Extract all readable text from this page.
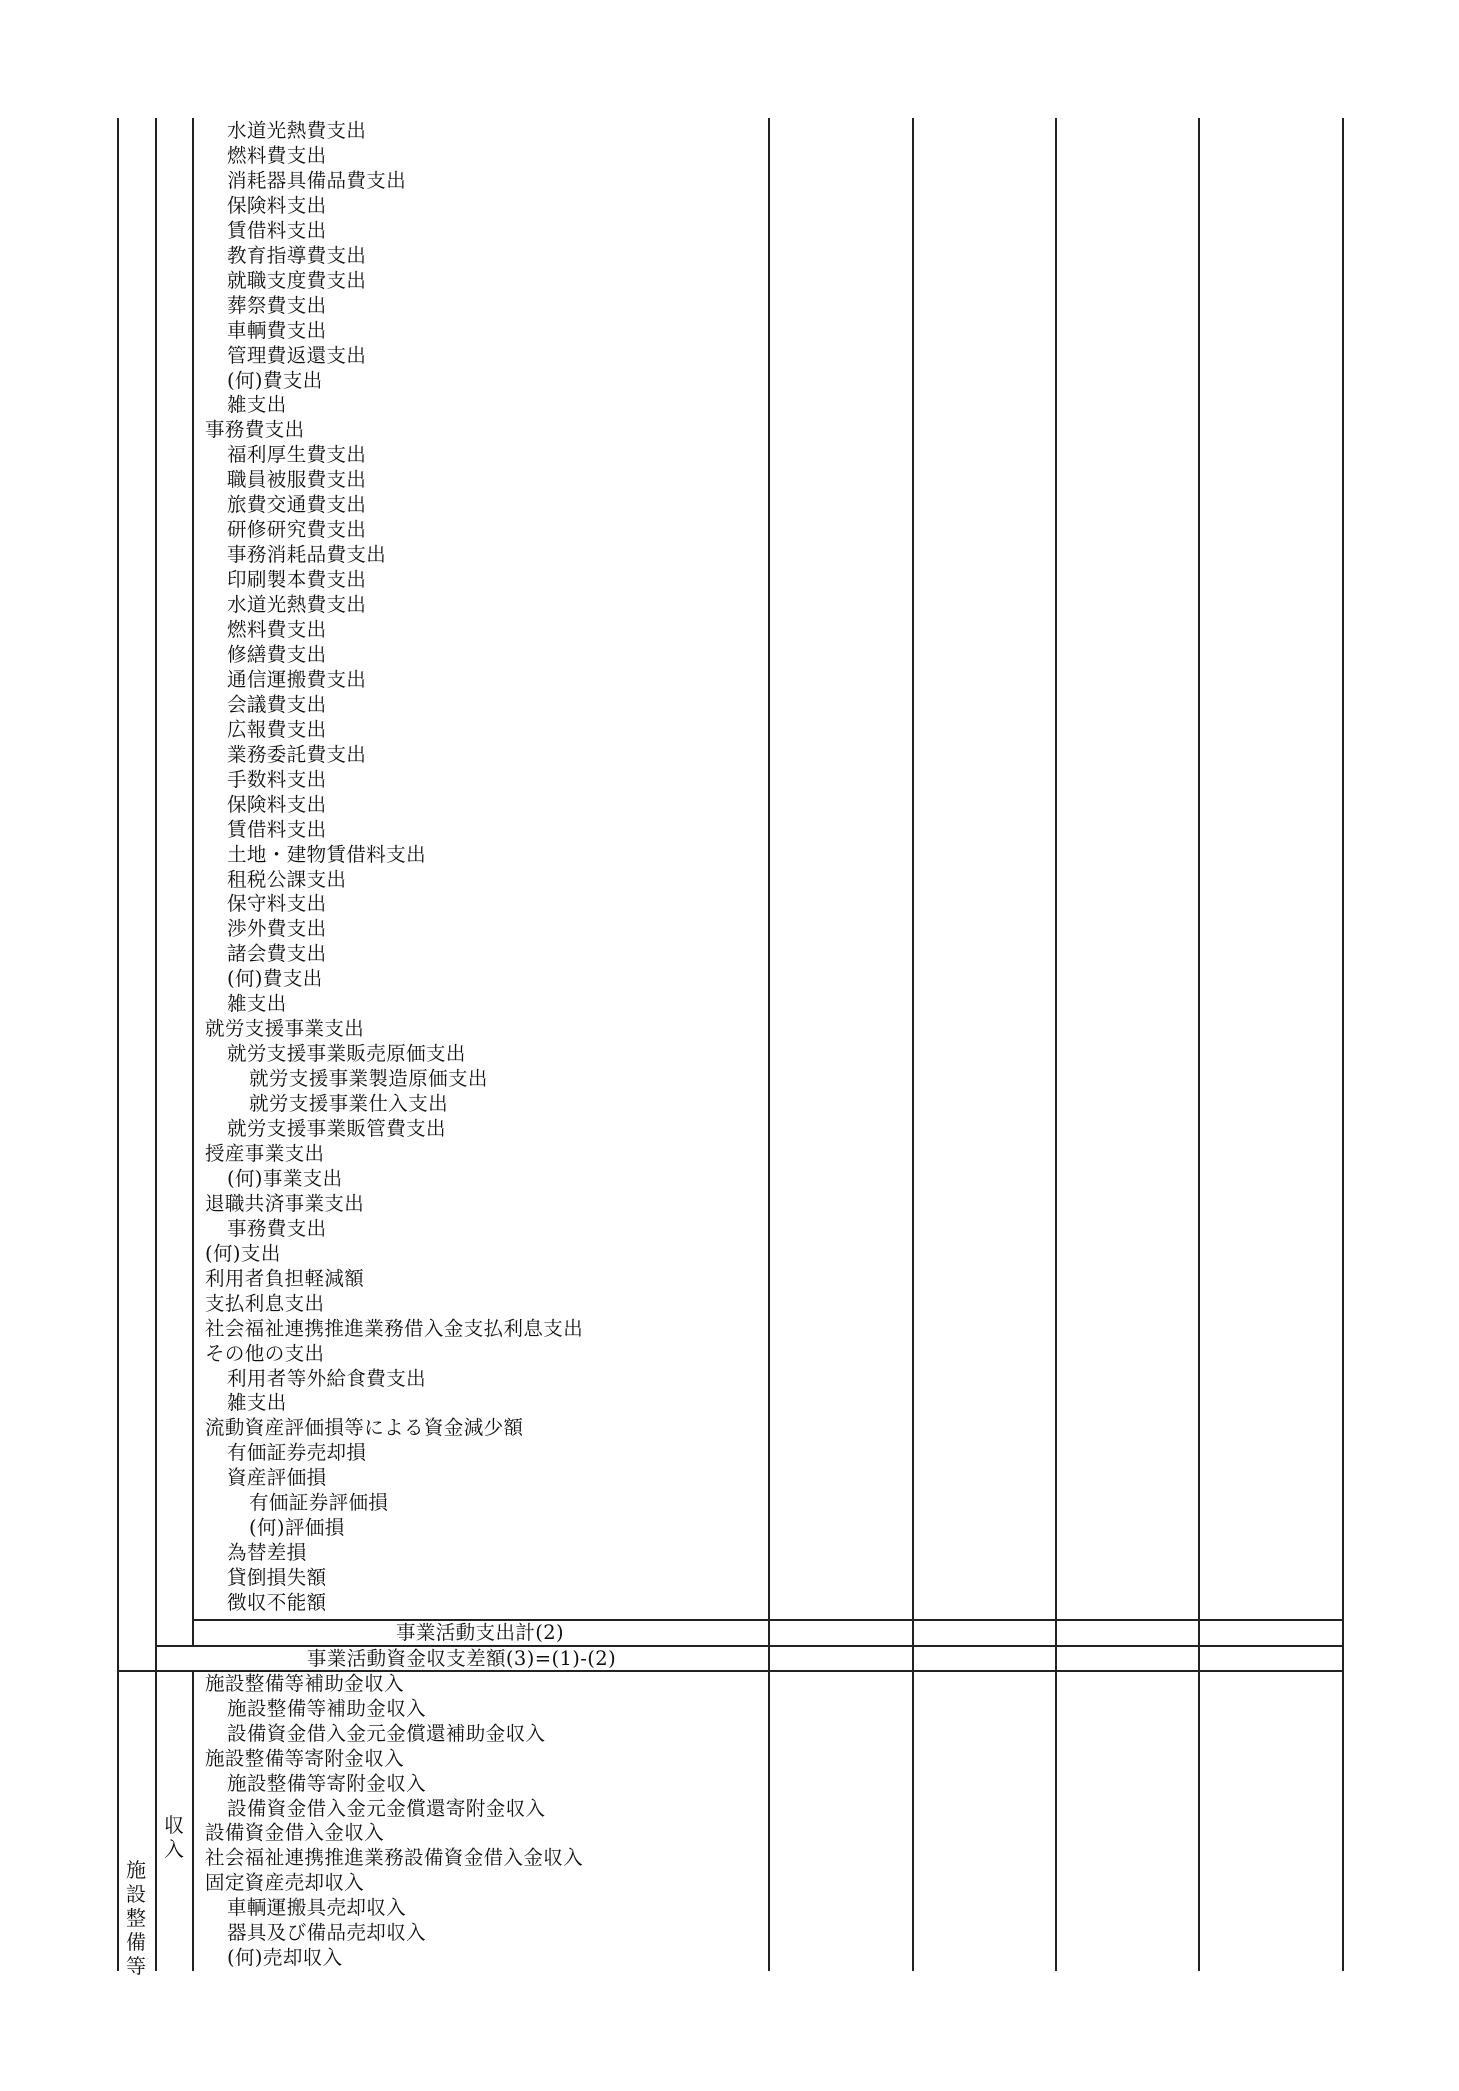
水道光熱費支出
燃料費支出
消耗器具備品費支出
保険料支出
賃借料支出
教育指導費支出
就職支度費支出
葬祭費支出
車輌費支出
管理費返還支出
(何)費支出
雑支出
事務費支出
福利厚生費支出
職員被服費支出
旅費交通費支出
研修研究費支出
事務消耗品費支出
印刷製本費支出
水道光熱費支出
燃料費支出
修繕費支出
通信運搬費支出
会議費支出
広報費支出
業務委託費支出
手数料支出
保険料支出
賃借料支出
土地・建物賃借料支出
租税公課支出
保守料支出
渉外費支出
諸会費支出
(何)費支出
雑支出
就労支援事業支出
就労支援事業販売原価支出
就労支援事業製造原価支出
就労支援事業仕入支出
就労支援事業販管費支出
授産事業支出
(何)事業支出
退職共済事業支出
事務費支出
(何)支出
利用者負担軽減額
支払利息支出
社会福祉連携推進業務借入金支払利息支出
その他の支出
利用者等外給食費支出
雑支出
流動資産評価損等による資金減少額
有価証券売却損
資産評価損
有価証券評価損
(何)評価損
為替差損
貸倒損失額
徴収不能額
事業活動支出計(2)
事業活動資金収支差額(3)=(1)-(2)
施設整備等補助金収入
施設整備等補助金収入
設備資金借入金元金償還補助金収入
施設整備等寄附金収入
施設整備等寄附金収入
設備資金借入金元金償還寄附金収入
設備資金借入金収入
社会福祉連携推進業務設備資金借入金収入
固定資産売却収入
車輌運搬具売却収入
器具及び備品売却収入
(何)売却収入
施設整備等
収入
